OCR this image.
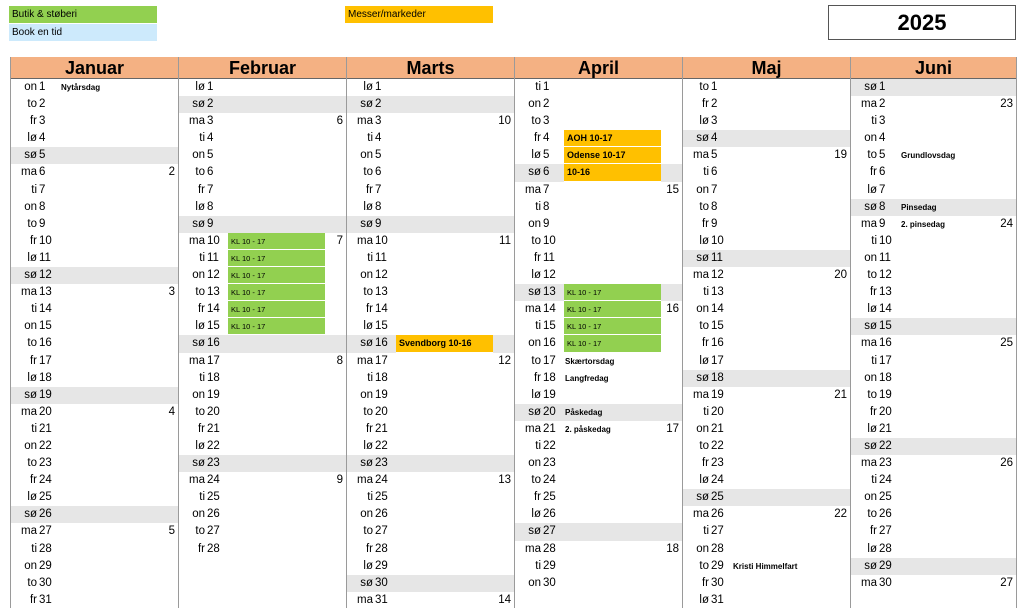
Butik & støberi
Book en tid
Messer/markeder	2025
Januar
on 1 Nytårsdag
to 2
fr 3
lø 4
sø 5
ma 6	2
ti 7
on 8
to 9
fr 10
lø 11
sø 12
ma 13	3
ti 14
on 15
to 16
fr 17
lø 18
sø 19
ma 20	4
ti 21
on 22
to 23
fr 24
lø 25
sø 26
ma 27	5
ti 28
on 29
to 30
fr 31
Februar
lø 1
sø 2
ma 3	6
ti 4
on 5
to 6
fr 7
lø 8
sø 9
ma 10	KL 10 - 17	7
ti 11	KL 10 - 17
on 12	KL 10 - 17
to 13	KL 10 - 17
fr 14	KL 10 - 17
lø 15	KL 10 - 17
sø 16
ma 17	8
ti 18
on 19
to 20
fr 21
lø 22
sø 23
ma 24	9
ti 25
on 26
to 27
fr 28
Marts
lø 1
sø 2
ma 3	10
ti 4
on 5
to 6
fr 7
lø 8
sø 9
ma 10	11
ti 11
on 12
to 13
fr 14
lø 15
sø 16	Svendborg 10-16
ma 17	12
ti 18
on 19
to 20
fr 21
lø 22
sø 23
ma 24	13
ti 25
on 26
to 27
fr 28
lø 29
sø 30
ma 31	14
April
ti 1
on 2
to 3
fr 4	AOH 10-17
lø 5	Odense 10-17
sø 6	10-16
ma 7	15
ti 8
on 9
to 10
fr 11
lø 12
sø 13	KL 10 - 17
ma 14	KL 10 - 17	16
ti 15	KL 10 - 17
on 16	KL 10 - 17
to 17 Skærtorsdag
fr 18 Langfredag
lø 19
sø 20 Påskedag
ma 21 2. påskedag	17
ti 22
on 23
to 24
fr 25
lø 26
sø 27
ma 28	18
ti 29
on 30
Maj
to 1
fr 2
lø 3
sø 4
ma 5	19
ti 6
on 7
to 8
fr 9
lø 10
sø 11
ma 12	20
ti 13
on 14
to 15
fr 16
lø 17
sø 18
ma 19	21
ti 20
on 21
to 22
fr 23
lø 24
sø 25
ma 26	22
ti 27
on 28
to 29 Kristi Himmelfart
fr 30
lø 31
Juni
sø 1
ma 2	23
ti 3
on 4
to 5 Grundlovsdag
fr 6
lø 7
sø 8 Pinsedag
ma 9 2. pinsedag	24
ti 10
on 11
to 12
fr 13
lø 14
sø 15
ma 16	25
ti 17
on 18
to 19
fr 20
lø 21
sø 22
ma 23	26
ti 24
on 25
to 26
fr 27
lø 28
sø 29
ma 30	27
